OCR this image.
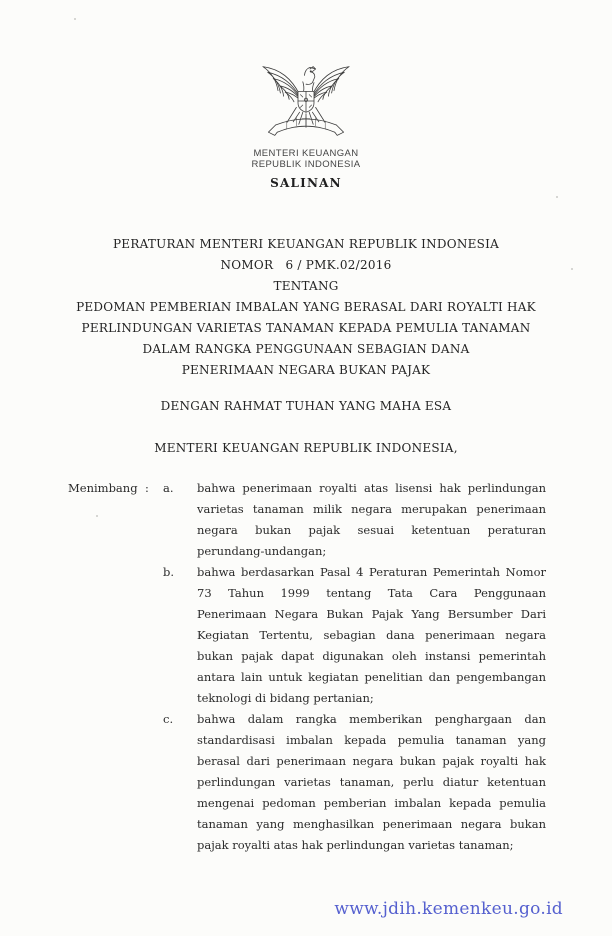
MENTERI KEUANGAN
REPUBLIK INDONESIA
SALINAN
PERATURAN MENTERI KEUANGAN REPUBLIK INDONESIA
NOMOR   6 / PMK.02/2016
TENTANG
PEDOMAN PEMBERIAN IMBALAN YANG BERASAL DARI ROYALTI HAK
PERLINDUNGAN VARIETAS TANAMAN KEPADA PEMULIA TANAMAN
DALAM RANGKA PENGGUNAAN SEBAGIAN DANA
PENERIMAAN NEGARA BUKAN PAJAK
DENGAN RAHMAT TUHAN YANG MAHA ESA
MENTERI KEUANGAN REPUBLIK INDONESIA,
Menimbang :	a.	bahwa penerimaan royalti atas lisensi hak perlindungan
varietas tanaman milik negara merupakan penerimaan
negara bukan pajak sesuai ketentuan peraturan
perundang-undangan;
b.	bahwa berdasarkan Pasal 4 Peraturan Pemerintah Nomor
73 Tahun 1999 tentang Tata Cara Penggunaan
Penerimaan Negara Bukan Pajak Yang Bersumber Dari
Kegiatan Tertentu, sebagian dana penerimaan negara
bukan pajak dapat digunakan oleh instansi pemerintah
antara lain untuk kegiatan penelitian dan pengembangan
teknologi di bidang pertanian;
c.	bahwa dalam rangka memberikan penghargaan dan
standardisasi imbalan kepada pemulia tanaman yang
berasal dari penerimaan negara bukan pajak royalti hak
perlindungan varietas tanaman, perlu diatur ketentuan
mengenai pedoman pemberian imbalan kepada pemulia
tanaman yang menghasilkan penerimaan negara bukan
pajak royalti atas hak perlindungan varietas tanaman;
www.jdih.kemenkeu.go.id
